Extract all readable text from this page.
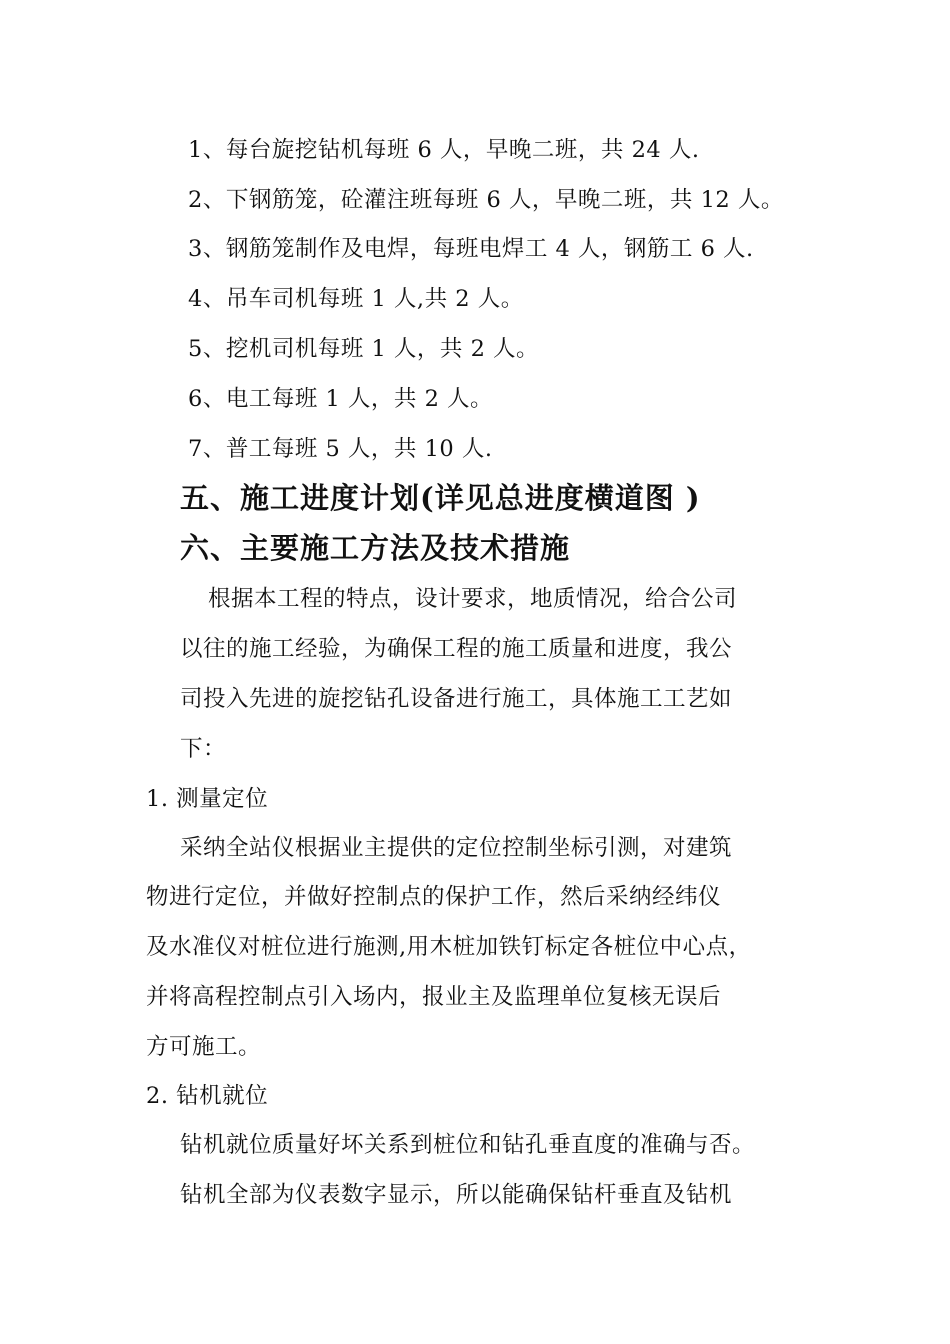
1、每台旋挖钻机每班 6 人，早晚二班，共 24 人.
2、下钢筋笼，砼灌注班每班 6 人，早晚二班，共 12 人。
3、钢筋笼制作及电焊，每班电焊工 4 人，钢筋工 6 人.
4、吊车司机每班 1 人,共 2 人。
5、挖机司机每班 1 人，共 2 人。
6、电工每班 1 人，共 2 人。
7、普工每班 5 人，共 10 人.
五、施工进度计划(详见总进度横道图 )
六、主要施工方法及技术措施
根据本工程的特点，设计要求，地质情况，给合公司
以往的施工经验，为确保工程的施工质量和进度，我公
司投入先进的旋挖钻孔设备进行施工，具体施工工艺如
下：
1. 测量定位
采纳全站仪根据业主提供的定位控制坐标引测，对建筑
物进行定位，并做好控制点的保护工作，然后采纳经纬仪
及水准仪对桩位进行施测,用木桩加铁钉标定各桩位中心点，
并将高程控制点引入场内，报业主及监理单位复核无误后
方可施工。
2. 钻机就位
钻机就位质量好坏关系到桩位和钻孔垂直度的准确与否。
钻机全部为仪表数字显示，所以能确保钻杆垂直及钻机
